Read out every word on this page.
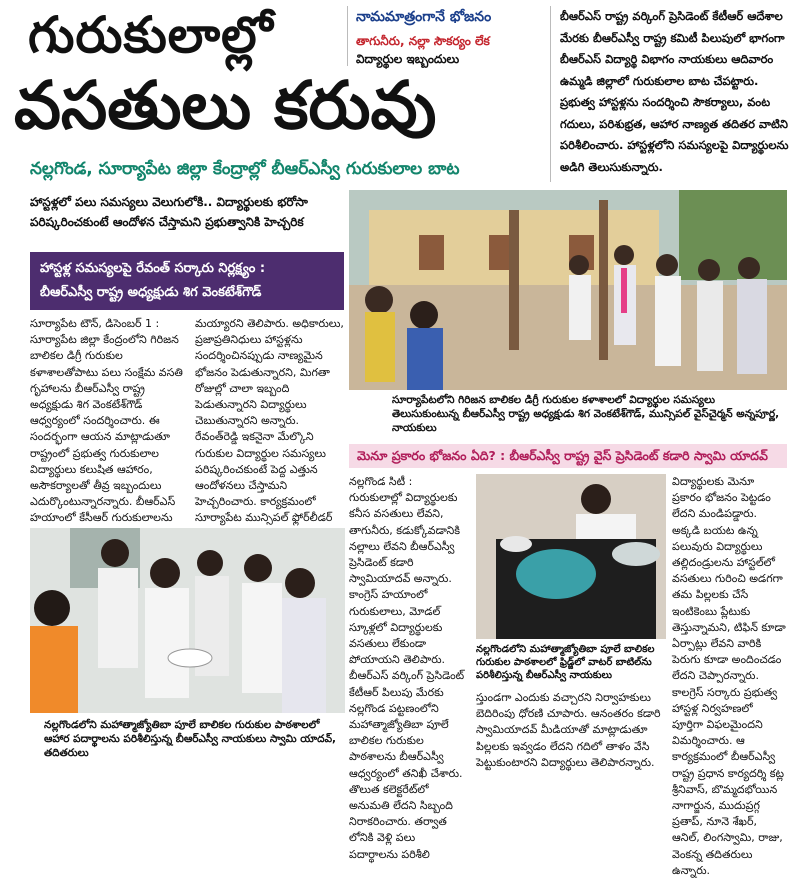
గురుకులాల్లో
వసతులు కరువు
నామమాత్రంగానే భోజనం
తాగునీరు, నల్లా సౌకర్యం లేక
విద్యార్థుల ఇబ్బందులు
బీఆర్ఎస్ రాష్ట్ర వర్కింగ్ ప్రెసిడెంట్ కేటీఆర్ ఆదేశాల మేరకు బీఆర్ఎస్వీ రాష్ట్ర కమిటీ పిలుపులో భాగంగా బీఆర్ఎస్ విద్యార్థి విభాగం నాయకులు ఆదివారం ఉమ్మడి జిల్లాలో గురుకులాల బాట చేపట్టారు. ప్రభుత్వ హాస్టళ్లను సందర్శించి సౌకర్యాలు, వంట గదులు, పరిశుభ్రత, ఆహార నాణ్యత తదితర వాటిని పరిశీలించారు. హాస్టళ్లలోని సమస్యలపై విద్యార్థులను అడిగి తెలుసుకున్నారు.
నల్లగొండ, సూర్యాపేట జిల్లా కేంద్రాల్లో బీఆర్ఎస్వీ గురుకులాల బాట
హాస్టళ్లలో పలు సమస్యలు వెలుగులోకి.. విద్యార్థులకు భరోసా
పరిష్కరించకుంటే ఆందోళన చేస్తామని ప్రభుత్వానికి హెచ్చరిక
హాస్టళ్ల సమస్యలపై రేవంత్ సర్కారు నిర్లక్ష్యం :
బీఆర్ఎస్వీ రాష్ట్ర అధ్యక్షుడు శిగ వెంకటేశ్‌గౌడ్
సూర్యాపేటలోని గిరిజన బాలికల డిగ్రీ గురుకుల కళాశాలలో విద్యార్థుల సమస్యలు తెలుసుకుంటున్న బీఆర్ఎస్వీ రాష్ట్ర అధ్యక్షుడు శిగ వెంకటేశ్‌గౌడ్, మున్సిపల్ వైస్‌చైర్మన్ అన్నపూర్ణ, నాయకులు
సూర్యాపేట టౌన్, డిసెంబర్ 1 : సూర్యాపేట జిల్లా కేంద్రంలోని గిరిజన బాలికల డిగ్రీ గురుకుల కళాశాలతోపాటు పలు సంక్షేమ వసతి గృహాలను బీఆర్ఎస్వీ రాష్ట్ర అధ్యక్షుడు శిగ వెంకటేశ్‌గౌడ్ ఆధ్వర్యంలో సందర్శించారు. ఈ సందర్భంగా ఆయన మాట్లాడుతూ రాష్ట్రంలో ప్రభుత్వ గురుకులాల విద్యార్థులు కలుషిత ఆహారం, అసౌకర్యాలతో తీవ్ర ఇబ్బందులు ఎదుర్కొంటున్నారన్నారు. బీఆర్ఎస్ హయాంలో కేసీఆర్ గురుకులాలను
మయ్యారని తెలిపారు. అధికారులు, ప్రజాప్రతినిధులు హాస్టళ్లను సందర్శించినప్పుడు నాణ్యమైన భోజనం పెడుతున్నారని, మిగతా రోజుల్లో చాలా ఇబ్బంది పెడుతున్నారని విద్యార్థులు చెబుతున్నారని అన్నారు. రేవంత్‌రెడ్డి ఇకనైనా మేల్కొని గురుకుల విద్యార్థుల సమస్యలు పరిష్కరించకుంటే పెద్ద ఎత్తున ఆందోళనలు చేస్తామని హెచ్చరించారు. కార్యక్రమంలో సూర్యాపేట మున్సిపల్ ఫ్లోర్‌లీడర్
నల్లగొండలోని మహాత్మాజ్యోతిబా పూలే బాలికల గురుకుల పాఠశాలలో ఆహార పదార్థాలను పరిశీలిస్తున్న బీఆర్ఎస్వీ నాయకులు స్వామి యాదవ్, తదితరులు
మెనూ ప్రకారం భోజనం ఏది? : బీఆర్ఎస్వీ రాష్ట్ర వైస్ ప్రెసిడెంట్ కడారి స్వామి యాదవ్
నల్లగొండ సిటీ : గురుకులాల్లో విద్యార్థులకు కనీస వసతులు లేవని, తాగునీరు, కడుక్కోవడానికి నల్లాలు లేవని బీఆర్ఎస్వీ ప్రెసిడెంట్ కడారి స్వామియాదవ్ అన్నారు. కాంగ్రెస్ హయాంలో గురుకులాలు, మోడల్ స్కూళ్లలో విద్యార్థులకు వసతులు లేకుండా పోయాయని తెలిపారు. బీఆర్ఎస్ వర్కింగ్ ప్రెసిడెంట్ కేటీఆర్ పిలుపు మేరకు నల్లగొండ పట్టణంలోని మహాత్మాజ్యోతిబా పూలే బాలికల గురుకుల పాఠశాలను బీఆర్ఎస్వీ ఆధ్వర్యంలో తనిఖీ చేశారు. తొలుత కలెక్టరేట్‌లో అనుమతి లేదని సిబ్బంది నిరాకరించారు. తర్వాత లోనికి వెళ్లి పలు పదార్థాలను పరిశీలి
నల్లగొండలోని మహాత్మాజ్యోతిబా పూలే బాలికల గురుకుల పాఠశాలలో ఫ్రిడ్జ్‌లో వాటర్ బాటిల్‌ను పరిశీలిస్తున్న బీఆర్ఎస్వీ నాయకులు
స్తుండగా ఎందుకు వచ్చారని నిర్వాహకులు బెదిరింపు ధోరణి చూపారు. ఆనంతరం కడారి స్వామియాదవ్ మీడియాతో మాట్లాడుతూ పిల్లలకు ఇవ్వడం లేదని గదిలో తాళం వేసి పెట్టుకుంటారని విద్యార్థులు తెలిపారన్నారు.
విద్యార్థులకు మెనూ ప్రకారం భోజనం పెట్టడం లేదని మండిపడ్డారు. అక్కడి బయట ఉన్న పలువురు విద్యార్థులు తల్లిదండ్రులను హాస్టల్‌లో వసతులు గురించి అడగగా తమ పిల్లలకు చేసే ఇంటికెంబు ప్లేటుకు తెస్తున్నామని, టిఫిన్ కూడా ఏర్పాట్లు లేవని వారికి పెరుగు కూడా అందించడం లేదని చెప్పారన్నారు. కాలగ్రెస్ సర్కారు ప్రభుత్వ హాస్టళ్ల నిర్వహణలో పూర్తిగా విఫలమైందని విమర్శించారు. ఆ కార్యక్రమంలో బీఆర్ఎస్వీ రాష్ట్ర ప్రధాన కార్యదర్శి కట్ల శ్రీనివాస్, బొమ్మదభోయిన నాగార్జున, ముదుప్రగ్గ ప్రతాప్, నూనె శేఖర్, ఆనిల్, లింగస్వామి, రాజు, వెంకన్న తదితరులు ఉన్నారు.
